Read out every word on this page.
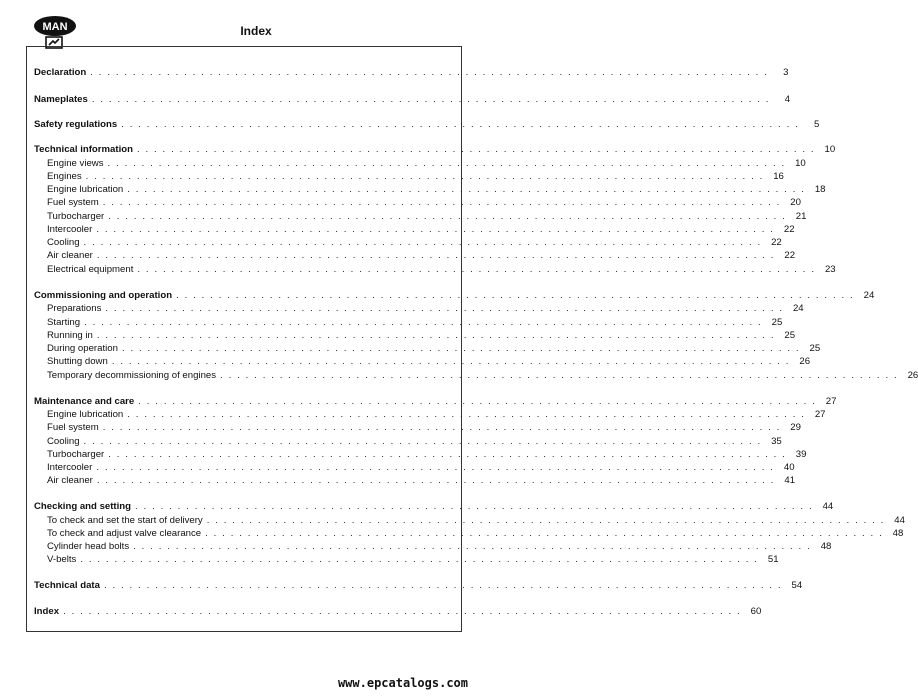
MAN	Index
Declaration . . . . . . . . . . . . . . . . . . . . . . . . . . . . . . . . . . . . . . . . . . . . . . . . . . . . . . . . . . . . . . . . . . . . . . . . . . . . . . . .	3
Nameplates . . . . . . . . . . . . . . . . . . . . . . . . . . . . . . . . . . . . . . . . . . . . . . . . . . . . . . . . . . . . . . . . . . . . . . . . . . . . . . . .	4
Safety regulations . . . . . . . . . . . . . . . . . . . . . . . . . . . . . . . . . . . . . . . . . . . . . . . . . . . . . . . . . . . . . . . . . . . . . . . . . . . . . . . .	5
Technical information . . . . . . . . . . . . . . . . . . . . . . . . . . . . . . . . . . . . . . . . . . . . . . . . . . . . . . . . . . . . . . . . . . . . . . . . . . . . . . . . 10
Engine views . . . . . . . . . . . . . . . . . . . . . . . . . . . . . . . . . . . . . . . . . . . . . . . . . . . . . . . . . . . . . . . . . . . . . . . . . . . . . . . . 10
Engines . . . . . . . . . . . . . . . . . . . . . . . . . . . . . . . . . . . . . . . . . . . . . . . . . . . . . . . . . . . . . . . . . . . . . . . . . . . . . . . . 16
Engine lubrication . . . . . . . . . . . . . . . . . . . . . . . . . . . . . . . . . . . . . . . . . . . . . . . . . . . . . . . . . . . . . . . . . . . . . . . . . . . . . . . . 18
Fuel system . . . . . . . . . . . . . . . . . . . . . . . . . . . . . . . . . . . . . . . . . . . . . . . . . . . . . . . . . . . . . . . . . . . . . . . . . . . . . . . . 20
Turbocharger . . . . . . . . . . . . . . . . . . . . . . . . . . . . . . . . . . . . . . . . . . . . . . . . . . . . . . . . . . . . . . . . . . . . . . . . . . . . . . . . 21
Intercooler . . . . . . . . . . . . . . . . . . . . . . . . . . . . . . . . . . . . . . . . . . . . . . . . . . . . . . . . . . . . . . . . . . . . . . . . . . . . . . . . 22
Cooling . . . . . . . . . . . . . . . . . . . . . . . . . . . . . . . . . . . . . . . . . . . . . . . . . . . . . . . . . . . . . . . . . . . . . . . . . . . . . . . . 22
Air cleaner . . . . . . . . . . . . . . . . . . . . . . . . . . . . . . . . . . . . . . . . . . . . . . . . . . . . . . . . . . . . . . . . . . . . . . . . . . . . . . . . 22
Electrical equipment . . . . . . . . . . . . . . . . . . . . . . . . . . . . . . . . . . . . . . . . . . . . . . . . . . . . . . . . . . . . . . . . . . . . . . . . . . . . . . . . 23
Commissioning and operation . . . . . . . . . . . . . . . . . . . . . . . . . . . . . . . . . . . . . . . . . . . . . . . . . . . . . . . . . . . . . . . . . . . . . . . . . . . . . . . . 24
Preparations . . . . . . . . . . . . . . . . . . . . . . . . . . . . . . . . . . . . . . . . . . . . . . . . . . . . . . . . . . . . . . . . . . . . . . . . . . . . . . . . 24
Starting . . . . . . . . . . . . . . . . . . . . . . . . . . . . . . . . . . . . . . . . . . . . . . . . . . . . . . . . . . . . . . . . . . . . . . . . . . . . . . . . 25
Running in . . . . . . . . . . . . . . . . . . . . . . . . . . . . . . . . . . . . . . . . . . . . . . . . . . . . . . . . . . . . . . . . . . . . . . . . . . . . . . . . 25
During operation . . . . . . . . . . . . . . . . . . . . . . . . . . . . . . . . . . . . . . . . . . . . . . . . . . . . . . . . . . . . . . . . . . . . . . . . . . . . . . . . 25
Shutting down . . . . . . . . . . . . . . . . . . . . . . . . . . . . . . . . . . . . . . . . . . . . . . . . . . . . . . . . . . . . . . . . . . . . . . . . . . . . . . . . 26
Temporary decommissioning of engines . . . . . . . . . . . . . . . . . . . . . . . . . . . . . . . . . . . . . . . . . . . . . . . . . . . . . . . . . . . . . . . . . . . . . . . . . . . . . . . . 26
Maintenance and care . . . . . . . . . . . . . . . . . . . . . . . . . . . . . . . . . . . . . . . . . . . . . . . . . . . . . . . . . . . . . . . . . . . . . . . . . . . . . . . . 27
Engine lubrication . . . . . . . . . . . . . . . . . . . . . . . . . . . . . . . . . . . . . . . . . . . . . . . . . . . . . . . . . . . . . . . . . . . . . . . . . . . . . . . . 27
Fuel system . . . . . . . . . . . . . . . . . . . . . . . . . . . . . . . . . . . . . . . . . . . . . . . . . . . . . . . . . . . . . . . . . . . . . . . . . . . . . . . . 29
Cooling . . . . . . . . . . . . . . . . . . . . . . . . . . . . . . . . . . . . . . . . . . . . . . . . . . . . . . . . . . . . . . . . . . . . . . . . . . . . . . . . 35
Turbocharger . . . . . . . . . . . . . . . . . . . . . . . . . . . . . . . . . . . . . . . . . . . . . . . . . . . . . . . . . . . . . . . . . . . . . . . . . . . . . . . . 39
Intercooler . . . . . . . . . . . . . . . . . . . . . . . . . . . . . . . . . . . . . . . . . . . . . . . . . . . . . . . . . . . . . . . . . . . . . . . . . . . . . . . . 40
Air cleaner . . . . . . . . . . . . . . . . . . . . . . . . . . . . . . . . . . . . . . . . . . . . . . . . . . . . . . . . . . . . . . . . . . . . . . . . . . . . . . . . 41
Checking and setting . . . . . . . . . . . . . . . . . . . . . . . . . . . . . . . . . . . . . . . . . . . . . . . . . . . . . . . . . . . . . . . . . . . . . . . . . . . . . . . . 44
To check and set the start of delivery . . . . . . . . . . . . . . . . . . . . . . . . . . . . . . . . . . . . . . . . . . . . . . . . . . . . . . . . . . . . . . . . . . . . . . . . . . . . . . . . 44
To check and adjust valve clearance . . . . . . . . . . . . . . . . . . . . . . . . . . . . . . . . . . . . . . . . . . . . . . . . . . . . . . . . . . . . . . . . . . . . . . . . . . . . . . . . 48
Cylinder head bolts . . . . . . . . . . . . . . . . . . . . . . . . . . . . . . . . . . . . . . . . . . . . . . . . . . . . . . . . . . . . . . . . . . . . . . . . . . . . . . . . 48
V-belts . . . . . . . . . . . . . . . . . . . . . . . . . . . . . . . . . . . . . . . . . . . . . . . . . . . . . . . . . . . . . . . . . . . . . . . . . . . . . . . . 51
Technical data . . . . . . . . . . . . . . . . . . . . . . . . . . . . . . . . . . . . . . . . . . . . . . . . . . . . . . . . . . . . . . . . . . . . . . . . . . . . . . . . 54
Index . . . . . . . . . . . . . . . . . . . . . . . . . . . . . . . . . . . . . . . . . . . . . . . . . . . . . . . . . . . . . . . . . . . . . . . . . . . . . . . . 60
www.epcatalogs.com
